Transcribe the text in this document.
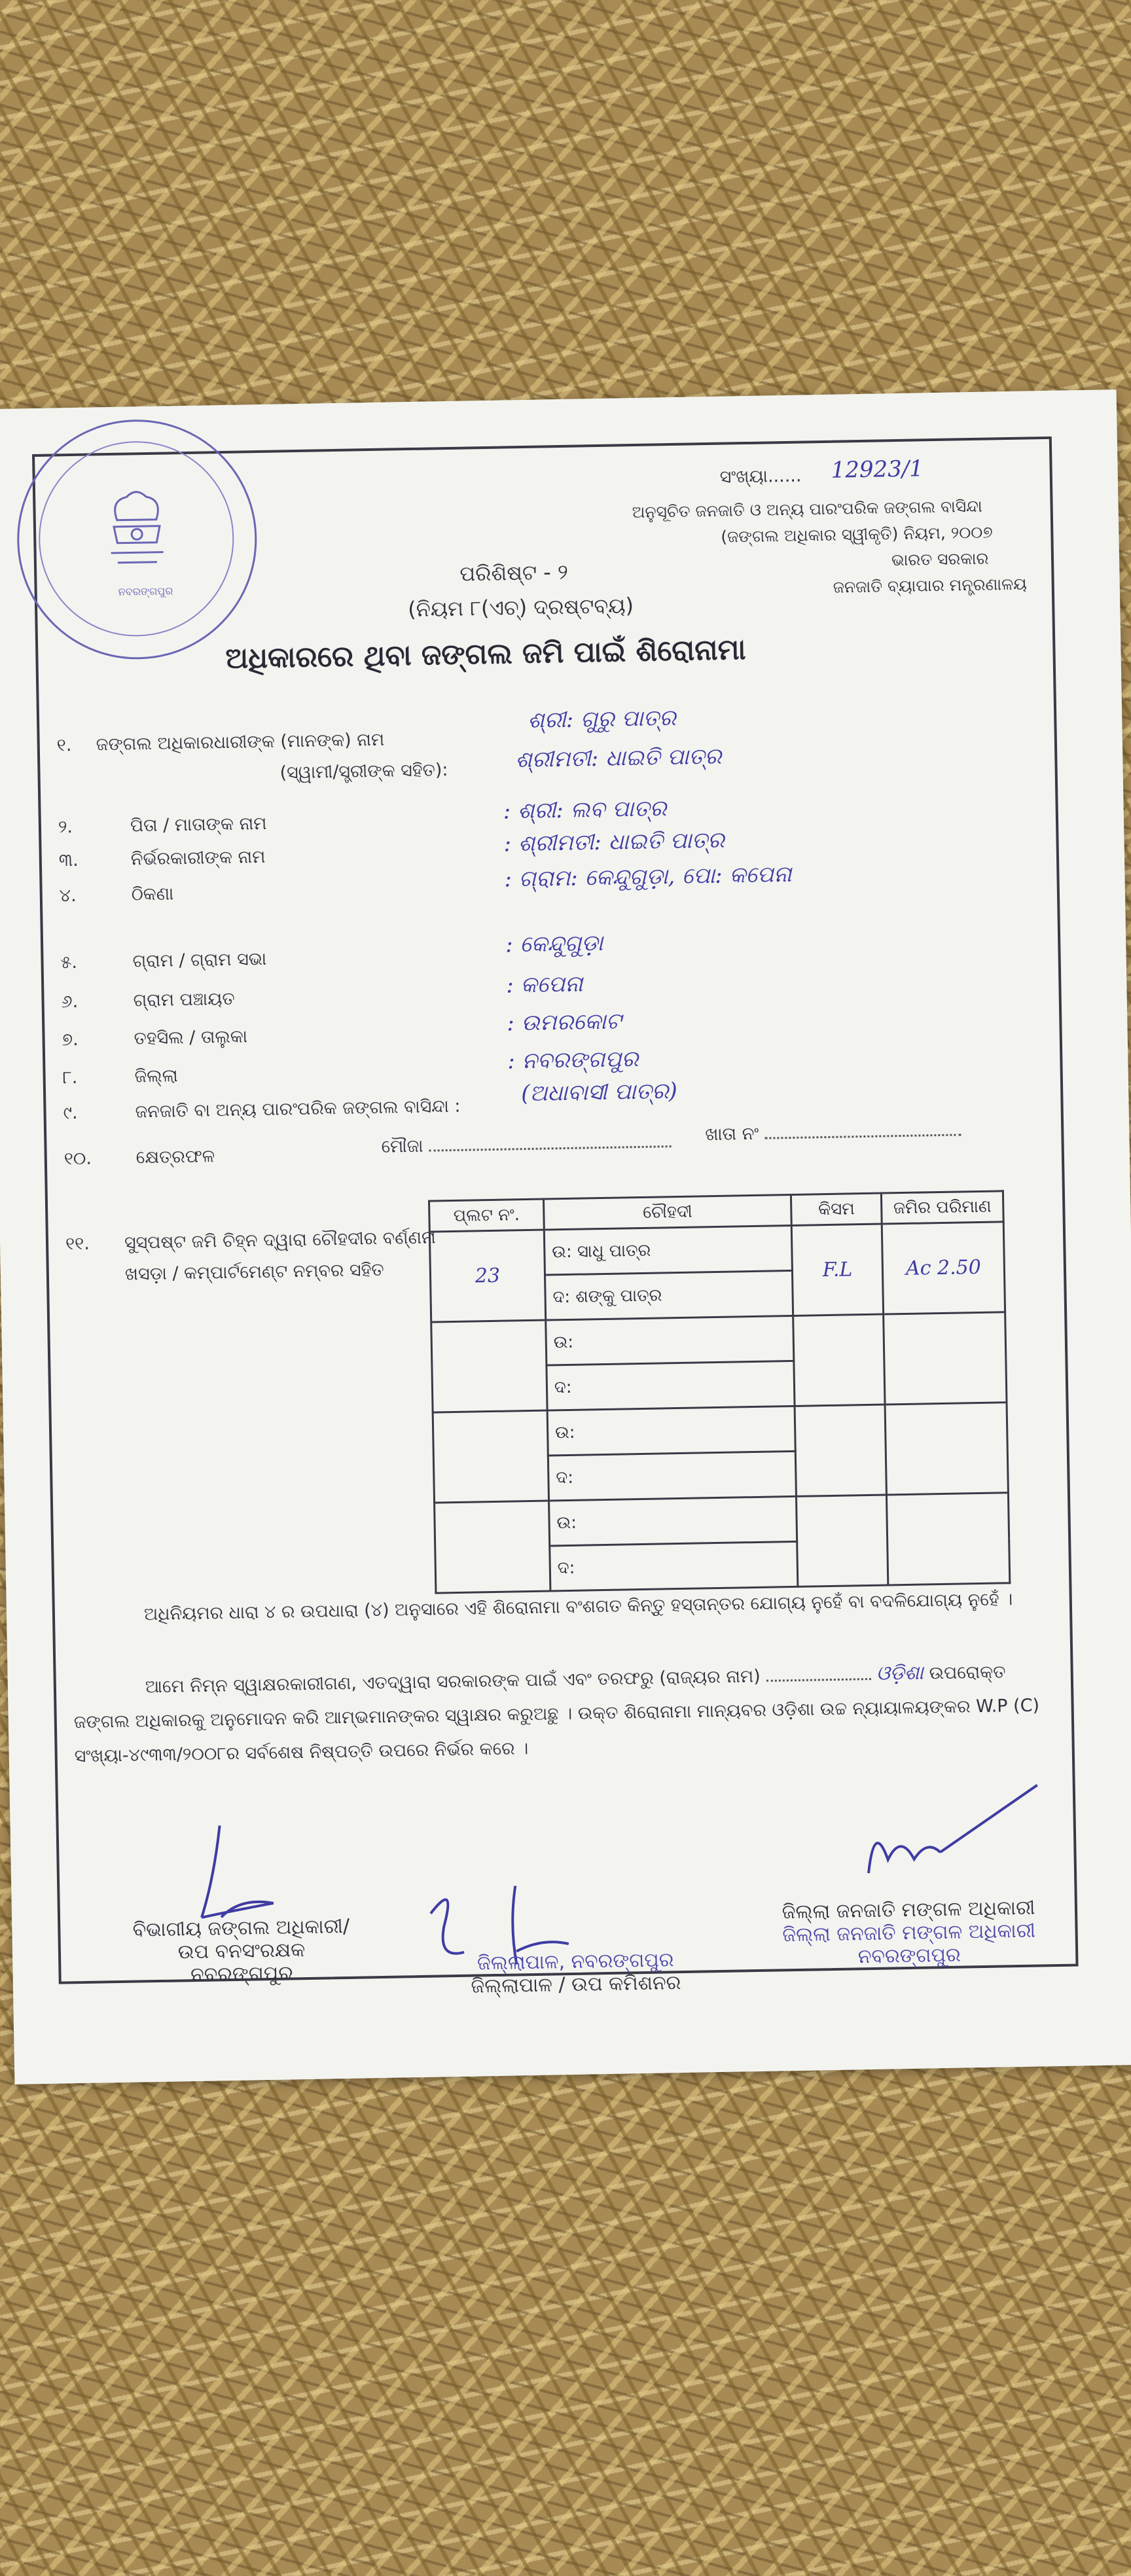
ନବରଙ୍ଗପୁର
ସଂଖ୍ୟା...... 12923/1
ଅନୁସୂଚିତ ଜନଜାତି ଓ ଅନ୍ୟ ପାରଂପରିକ ଜଙ୍ଗଲ ବାସିନ୍ଦା
(ଜଙ୍ଗଲ ଅଧିକାର ସ୍ୱୀକୃତି) ନିୟମ, ୨୦୦୭
ଭାରତ ସରକାର
ଜନଜାତି ବ୍ୟାପାର ମନ୍ତ୍ରଣାଳୟ
ପରିଶିଷ୍ଟ - ୨
(ନିୟମ ୮(ଏଚ୍) ଦ୍ରଷ୍ଟବ୍ୟ)
ଅଧିକାରରେ ଥିବା ଜଙ୍ଗଲ ଜମି ପାଇଁ ଶିରୋନାମା
୧. ଜଙ୍ଗଲ ଅଧିକାରଧାରୀଙ୍କ (ମାନଙ୍କ) ନାମ
ଶ୍ରୀ: ଗୁରୁ ପାତ୍ର
(ସ୍ୱାମୀ/ସ୍ତ୍ରୀଙ୍କ ସହିତ):	ଶ୍ରୀମତୀ: ଧାଇତି ପାତ୍ର
୨.	ପିତା / ମାତାଙ୍କ ନାମ
: ଶ୍ରୀ: ଲବ ପାତ୍ର
୩.	ନିର୍ଭରକାରୀଙ୍କ ନାମ
: ଶ୍ରୀମତୀ: ଧାଇତି ପାତ୍ର
୪.	ଠିକଣା
: ଗ୍ରାମ: କେନ୍ଦୁଗୁଡ଼ା, ପୋ: କପେନା
୫.	ଗ୍ରାମ / ଗ୍ରାମ ସଭା
: କେନ୍ଦୁଗୁଡ଼ା
୬.	ଗ୍ରାମ ପଞ୍ଚାୟତ
: କପେନା
୭.	ତହସିଲ / ତାଲୁକା
: ଉମରକୋଟ
୮.	ଜିଲ୍ଲା
: ନବରଙ୍ଗପୁର
୯.	ଜନଜାତି ବା ଅନ୍ୟ ପାରଂପରିକ ଜଙ୍ଗଲ ବାସିନ୍ଦା :
(ଅଧାବାସୀ ପାତ୍ର)
୧୦. କ୍ଷେତ୍ରଫଳ	ମୌଜା
ଖାତା ନଂ
୧୧. ସୁସ୍ପଷ୍ଟ ଜମି ଚିହ୍ନ ଦ୍ୱାରା ଚୌହଦୀର ବର୍ଣ୍ଣନା
ଖସଡ଼ା / କମ୍ପାର୍ଟମେଣ୍ଟ ନମ୍ବର ସହିତ
ପ୍ଲଟ ନଂ.	ଚୌହଦୀ	କିସମ	ଜମିର ପରିମାଣ
23	ଉ: ସାଧୁ ପାତ୍ର	F.L	Ac 2.50
	ଦ: ଶଙ୍କୁ ପାତ୍ର		
	ଉ:		
	ଦ:		
	ଉ:		
	ଦ:		
	ଉ:		
	ଦ:		
ଅଧିନିୟମର ଧାରା ୪ ର ଉପଧାରା (୪) ଅନୁସାରେ ଏହି ଶିରୋନାମା ବଂଶଗତ କିନ୍ତୁ ହସ୍ତାନ୍ତର ଯୋଗ୍ୟ ନୁହେଁ ବା ବଦଳିଯୋଗ୍ୟ ନୁହେଁ ।
ଆମେ ନିମ୍ନ ସ୍ୱାକ୍ଷରକାରୀଗଣ, ଏତଦ୍ୱାରା ସରକାରଙ୍କ ପାଇଁ ଏବଂ ତରଫରୁ (ରାଜ୍ୟର ନାମ)	ଓଡ଼ିଶା ଉପରୋକ୍ତ ଜଙ୍ଗଲ ଅଧିକାରକୁ ଅନୁମୋଦନ କରି ଆମ୍ଭମାନଙ୍କର ସ୍ୱାକ୍ଷର କରୁଅଛୁ । ଉକ୍ତ ଶିରୋନାମା ମାନ୍ୟବର ଓଡ଼ିଶା ଉଚ୍ଚ ନ୍ୟାୟାଳୟଙ୍କର W.P (C) ସଂଖ୍ୟା-୪୯୩୩/୨୦୦୮ର ସର୍ବଶେଷ ନିଷ୍ପତ୍ତି ଉପରେ ନିର୍ଭର କରେ ।
ବିଭାଗୀୟ ଜଙ୍ଗଲ ଅଧିକାରୀ/
ଉପ ବନସଂରକ୍ଷକ
ନବରଙ୍ଗପୁର	ଜିଲ୍ଲାପାଳ, ନବରଙ୍ଗପୁର
ଜିଲ୍ଲାପାଳ / ଉପ କମିଶନର
ଜିଲ୍ଲା ଜନଜାତି ମଙ୍ଗଳ ଅଧିକାରୀ
ଜିଲ୍ଲା ଜନଜାତି ମଙ୍ଗଳ ଅଧିକାରୀ
ନବରଙ୍ଗପୁର
